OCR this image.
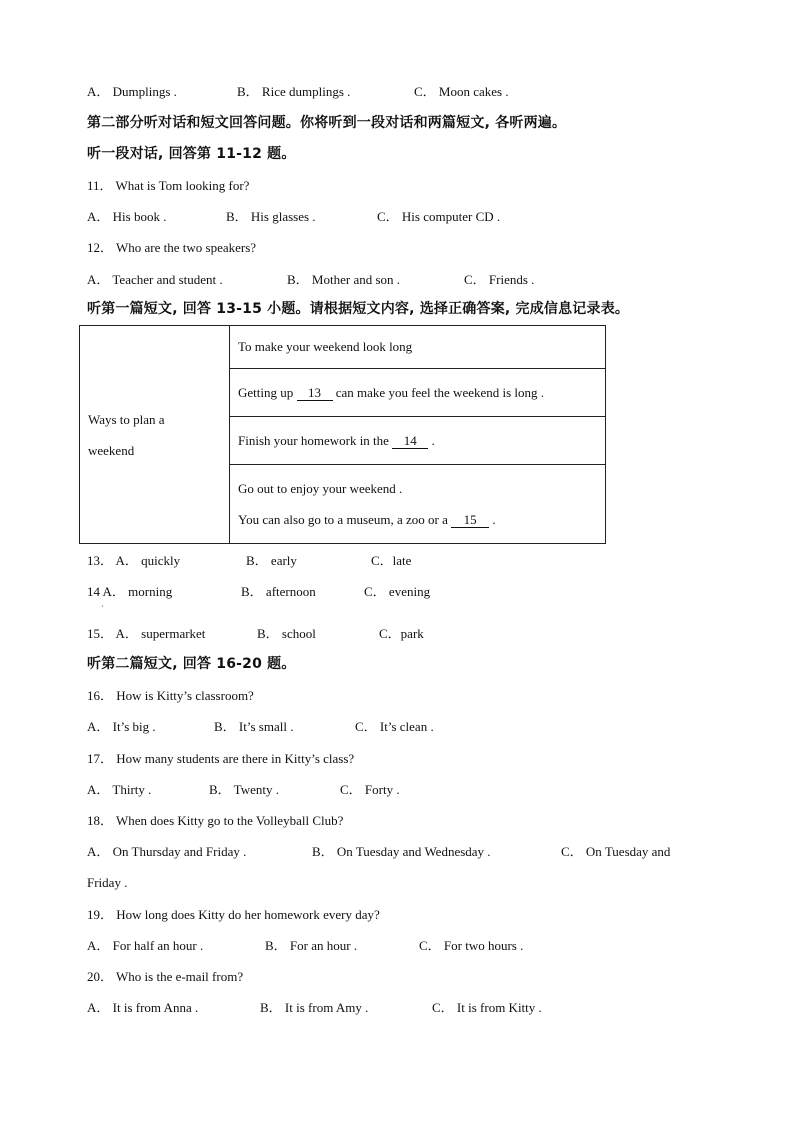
A． Dumplings .	B． Rice dumplings .	C． Moon cakes .
第二部分听对话和短文回答问题。你将听到一段对话和两篇短文, 各听两遍。
听一段对话, 回答第 11-12 题。
11． What is Tom looking for?
A． His book .	B． His glasses .	C． His computer CD .
12． Who are the two speakers?
A． Teacher and student .	B． Mother and son .	C． Friends .
听第一篇短文, 回答 13-15 小题。请根据短文内容, 选择正确答案, 完成信息记录表。
Ways to plan a
weekend
	To make your weekend look long
Getting up 13 can make you feel the weekend is long .
Finish your homework in the 14 .

Go out to enjoy your weekend .
You can also go to a museum, a zoo or a 15 .
13． A． quickly	B． early	C．late
14 A． morning	B． afternoon	C． evening
·
15． A． supermarket	B． school	C．park
听第二篇短文, 回答 16-20 题。
16． How is Kitty’s classroom?
A． It’s big .	B． It’s small .	C． It’s clean .
17． How many students are there in Kitty’s class?
A． Thirty .	B． Twenty .	C． Forty .
18． When does Kitty go to the Volleyball Club?
A． On Thursday and Friday .	B． On Tuesday and Wednesday .	C． On Tuesday and
Friday .
19． How long does Kitty do her homework every day?
A． For half an hour .	B． For an hour .	C． For two hours .
20． Who is the e-mail from?
A． It is from Anna .	B． It is from Amy .	C． It is from Kitty .
